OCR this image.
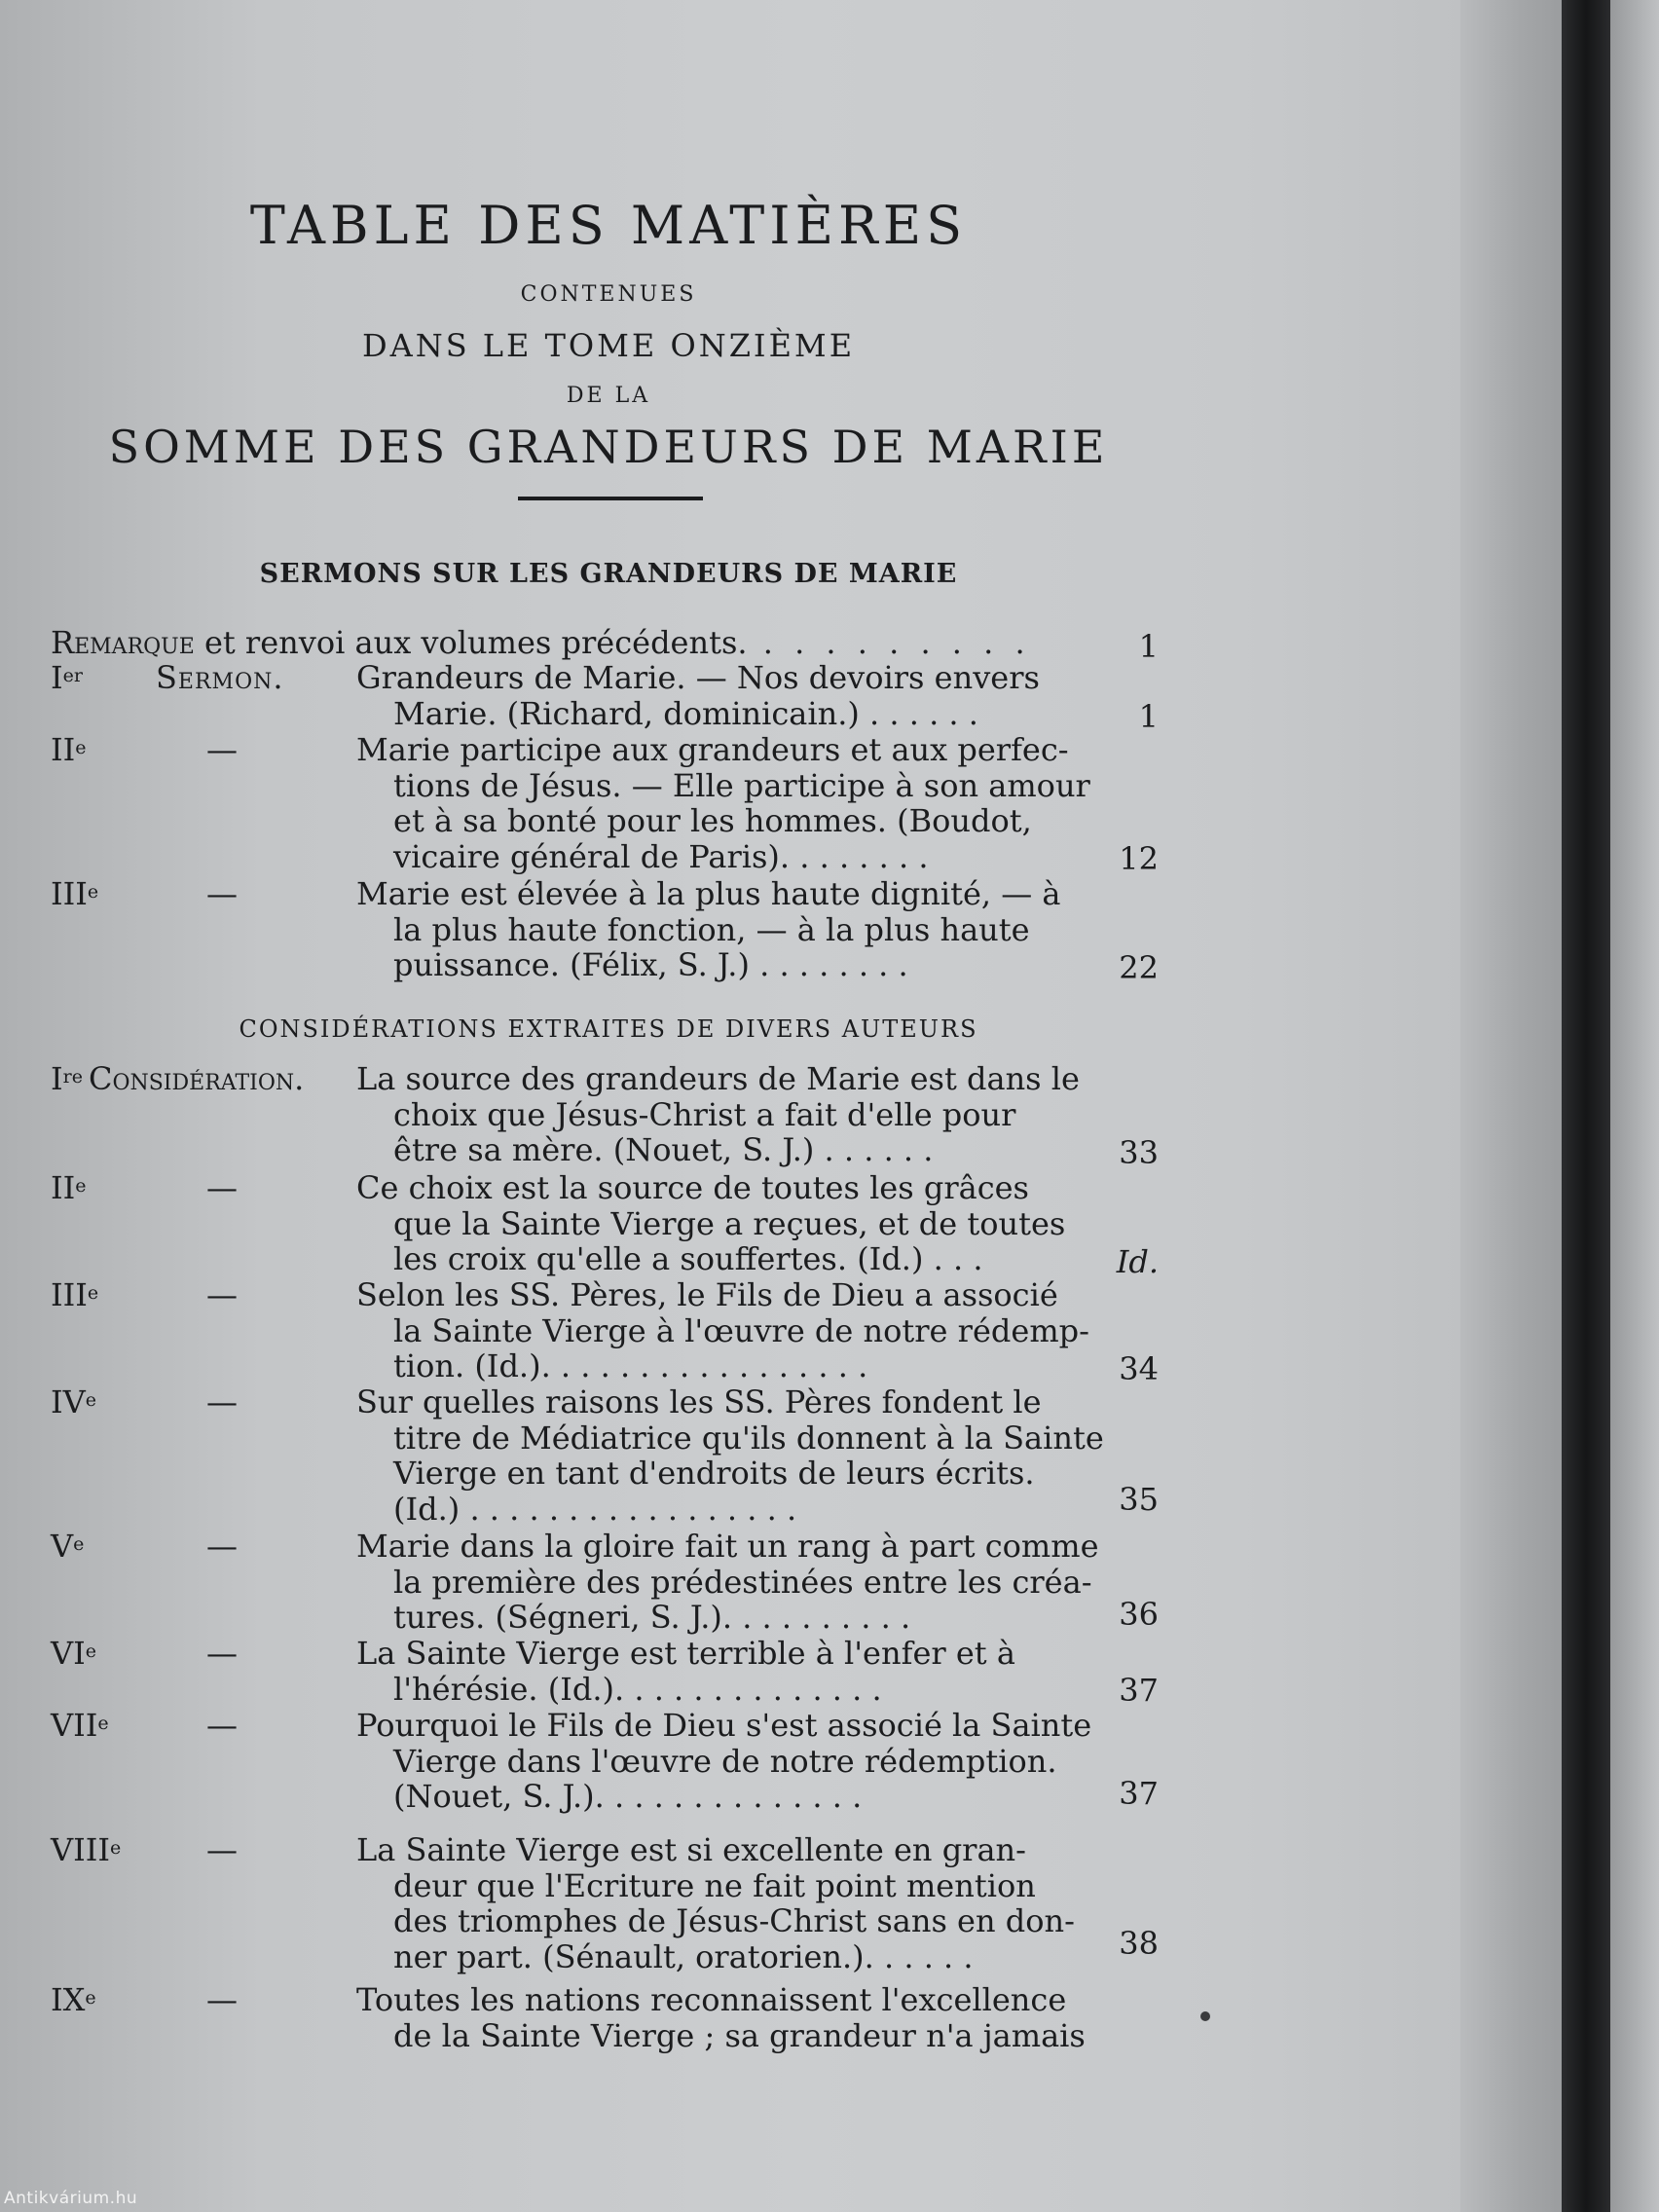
TABLE DES MATIÈRES
CONTENUES
DANS LE TOME ONZIÈME
DE LA
SOMME DES GRANDEURS DE MARIE
SERMONS SUR LES GRANDEURS DE MARIE
Remarque et renvoi aux volumes précédents. . . . . . . . . .	1
Ier Sermon. Grandeurs de Marie. — Nos devoirs envers
Marie. (Richard, dominicain.) . . . . . .	1
IIe	—	Marie participe aux grandeurs et aux perfec-
tions de Jésus. — Elle participe à son amour
et à sa bonté pour les hommes. (Boudot,
vicaire général de Paris). . . . . . . .	12
IIIe	—	Marie est élevée à la plus haute dignité, — à
la plus haute fonction, — à la plus haute
puissance. (Félix, S. J.) . . . . . . . .	22
Ire Considération. La source des grandeurs de Marie est dans le
choix que Jésus-Christ a fait d'elle pour
être sa mère. (Nouet, S. J.) . . . . . .	33
IIe	—	Ce choix est la source de toutes les grâces
que la Sainte Vierge a reçues, et de toutes
les croix qu'elle a souffertes. (Id.) . . .	Id.
IIIe	—	Selon les SS. Pères, le Fils de Dieu a associé
la Sainte Vierge à l'œuvre de notre rédemp-
tion. (Id.). . . . . . . . . . . . . . . . .	34
IVe	—	Sur quelles raisons les SS. Pères fondent le
titre de Médiatrice qu'ils donnent à la Sainte
Vierge en tant d'endroits de leurs écrits.
(Id.) . . . . . . . . . . . . . . . . .	35
Ve	—	Marie dans la gloire fait un rang à part comme
la première des prédestinées entre les créa-
tures. (Ségneri, S. J.). . . . . . . . . .	36
VIe	—	La Sainte Vierge est terrible à l'enfer et à
l'hérésie. (Id.). . . . . . . . . . . . . .	37
VIIe	—	Pourquoi le Fils de Dieu s'est associé la Sainte
Vierge dans l'œuvre de notre rédemption.
(Nouet, S. J.). . . . . . . . . . . . . .	37
VIIIe	—	La Sainte Vierge est si excellente en gran-
deur que l'Ecriture ne fait point mention
des triomphes de Jésus-Christ sans en don-
ner part. (Sénault, oratorien.). . . . . .	38
IXe	—	Toutes les nations reconnaissent l'excellence
de la Sainte Vierge ; sa grandeur n'a jamais
CONSIDÉRATIONS EXTRAITES DE DIVERS AUTEURS
Antikvárium.hu
